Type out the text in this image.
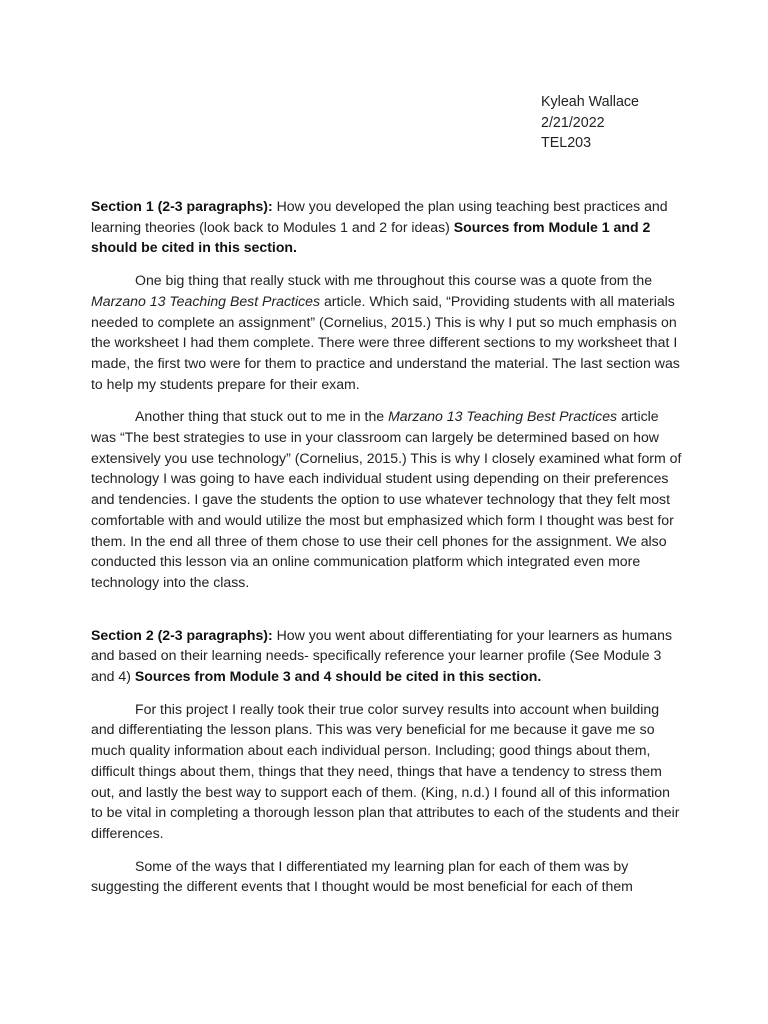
Kyleah Wallace
2/21/2022
TEL203

Section 1 (2-3 paragraphs): How you developed the plan using teaching best practices and learning theories (look back to Modules 1 and 2 for ideas) Sources from Module 1 and 2 should be cited in this section.

One big thing that really stuck with me throughout this course was a quote from the Marzano 13 Teaching Best Practices article. Which said, “Providing students with all materials needed to complete an assignment” (Cornelius, 2015.) This is why I put so much emphasis on the worksheet I had them complete. There were three different sections to my worksheet that I made, the first two were for them to practice and understand the material. The last section was to help my students prepare for their exam.

Another thing that stuck out to me in the Marzano 13 Teaching Best Practices article was “The best strategies to use in your classroom can largely be determined based on how extensively you use technology” (Cornelius, 2015.) This is why I closely examined what form of technology I was going to have each individual student using depending on their preferences and tendencies. I gave the students the option to use whatever technology that they felt most comfortable with and would utilize the most but emphasized which form I thought was best for them. In the end all three of them chose to use their cell phones for the assignment. We also conducted this lesson via an online communication platform which integrated even more technology into the class.

Section 2 (2-3 paragraphs): How you went about differentiating for your learners as humans and based on their learning needs- specifically reference your learner profile (See Module 3 and 4) Sources from Module 3 and 4 should be cited in this section.

For this project I really took their true color survey results into account when building and differentiating the lesson plans. This was very beneficial for me because it gave me so much quality information about each individual person. Including; good things about them, difficult things about them, things that they need, things that have a tendency to stress them out, and lastly the best way to support each of them. (King, n.d.) I found all of this information to be vital in completing a thorough lesson plan that attributes to each of the students and their differences.

Some of the ways that I differentiated my learning plan for each of them was by suggesting the different events that I thought would be most beneficial for each of them
